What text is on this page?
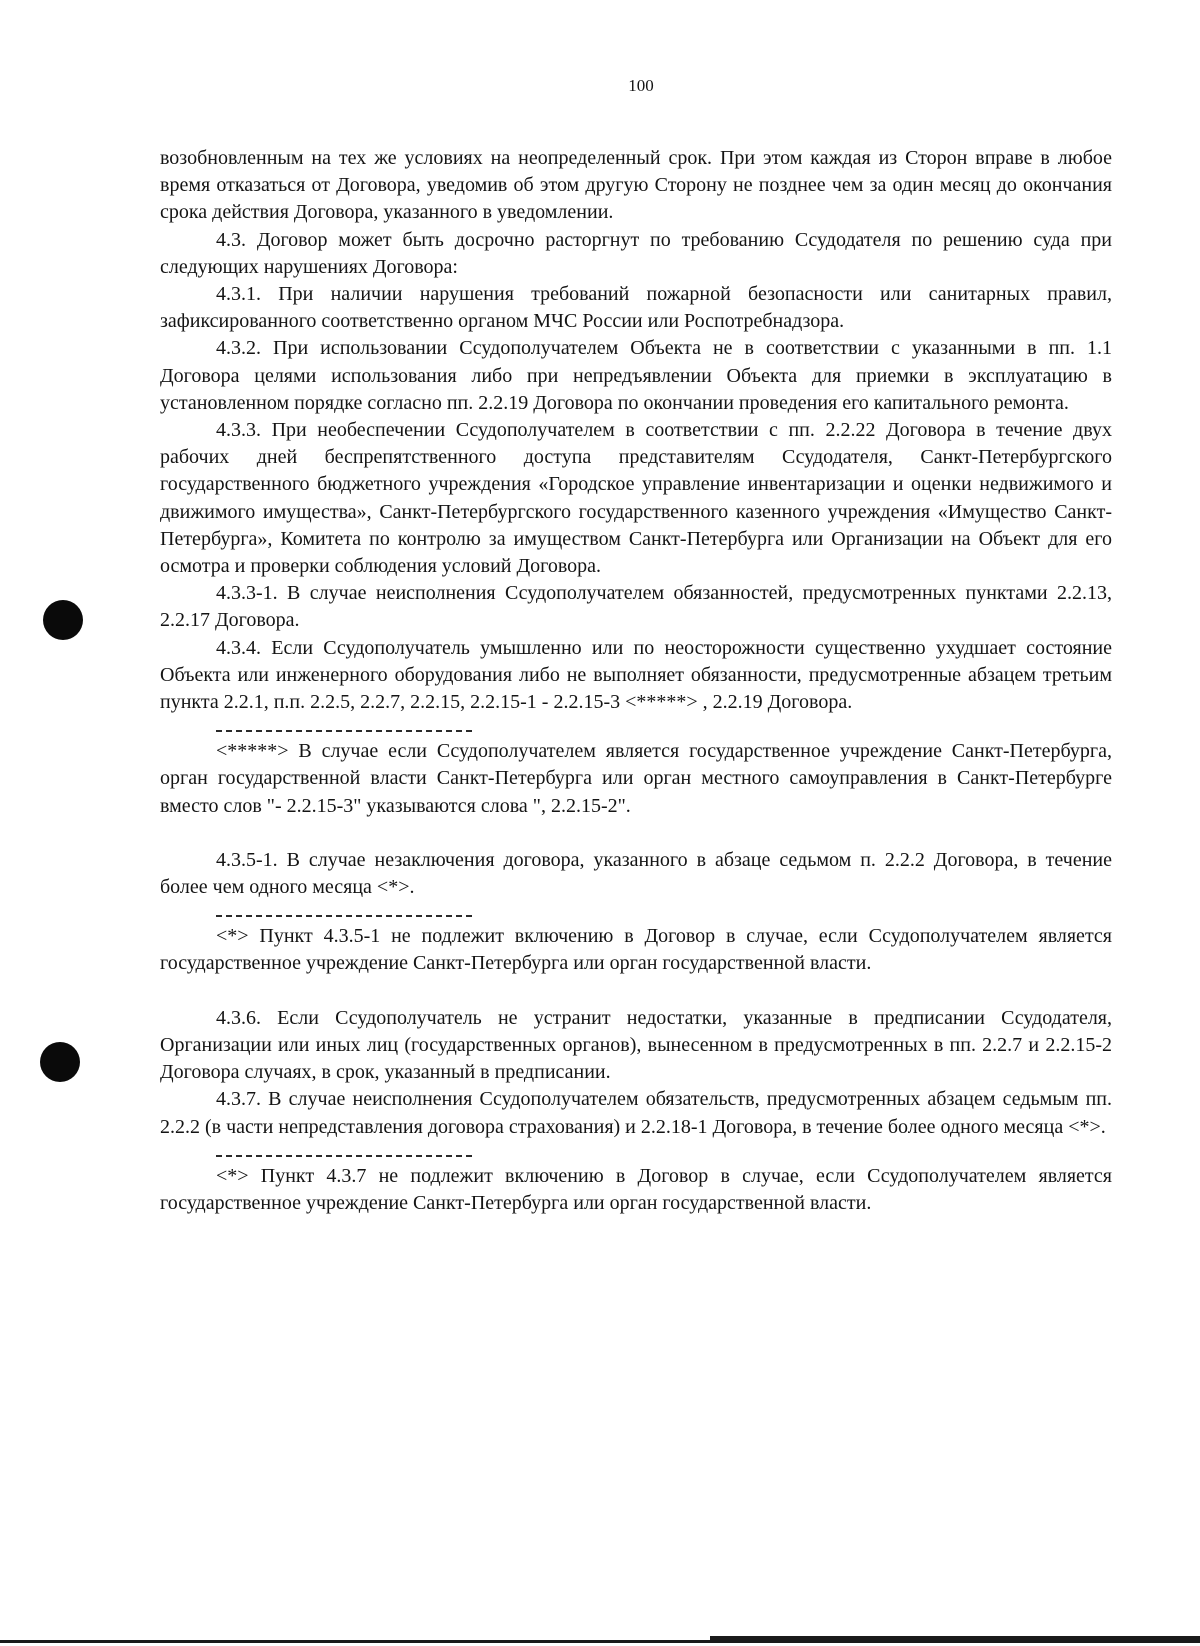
100

возобновленным на тех же условиях на неопределенный срок. При этом каждая из Сторон вправе в любое время отказаться от Договора, уведомив об этом другую Сторону не позднее чем за один месяц до окончания срока действия Договора, указанного в уведомлении.

4.3. Договор может быть досрочно расторгнут по требованию Ссудодателя по решению суда при следующих нарушениях Договора:

4.3.1. При наличии нарушения требований пожарной безопасности или санитарных правил, зафиксированного соответственно органом МЧС России или Роспотребнадзора.

4.3.2. При использовании Ссудополучателем Объекта не в соответствии с указанными в пп. 1.1 Договора целями использования либо при непредъявлении Объекта для приемки в эксплуатацию в установленном порядке согласно пп. 2.2.19 Договора по окончании проведения его капитального ремонта.

4.3.3. При необеспечении Ссудополучателем в соответствии с пп. 2.2.22 Договора в течение двух рабочих дней беспрепятственного доступа представителям Ссудодателя, Санкт-Петербургского государственного бюджетного учреждения «Городское управление инвентаризации и оценки недвижимого и движимого имущества», Санкт-Петербургского государственного казенного учреждения «Имущество Санкт-Петербурга», Комитета по контролю за имуществом Санкт-Петербурга или Организации на Объект для его осмотра и проверки соблюдения условий Договора.

4.3.3-1. В случае неисполнения Ссудополучателем обязанностей, предусмотренных пунктами 2.2.13, 2.2.17 Договора.

4.3.4. Если Ссудополучатель умышленно или по неосторожности существенно ухудшает состояние Объекта или инженерного оборудования либо не выполняет обязанности, предусмотренные абзацем третьим пункта 2.2.1, п.п. 2.2.5, 2.2.7, 2.2.15, 2.2.15-1 - 2.2.15-3 <*****> , 2.2.19 Договора.

<*****> В случае если Ссудополучателем является государственное учреждение Санкт-Петербурга, орган государственной власти Санкт-Петербурга или орган местного самоуправления в Санкт-Петербурге вместо слов "- 2.2.15-3" указываются слова ", 2.2.15-2".

4.3.5-1. В случае незаключения договора, указанного в абзаце седьмом п. 2.2.2 Договора, в течение более чем одного месяца <*>.

<*> Пункт 4.3.5-1 не подлежит включению в Договор в случае, если Ссудополучателем является государственное учреждение Санкт-Петербурга или орган государственной власти.

4.3.6. Если Ссудополучатель не устранит недостатки, указанные в предписании Ссудодателя, Организации или иных лиц (государственных органов), вынесенном в предусмотренных в пп. 2.2.7 и 2.2.15-2 Договора случаях, в срок, указанный в предписании.

4.3.7. В случае неисполнения Ссудополучателем обязательств, предусмотренных абзацем седьмым пп. 2.2.2 (в части непредставления договора страхования) и 2.2.18-1 Договора, в течение более одного месяца <*>.

<*> Пункт 4.3.7 не подлежит включению в Договор в случае, если Ссудополучателем является государственное учреждение Санкт-Петербурга или орган государственной власти.
